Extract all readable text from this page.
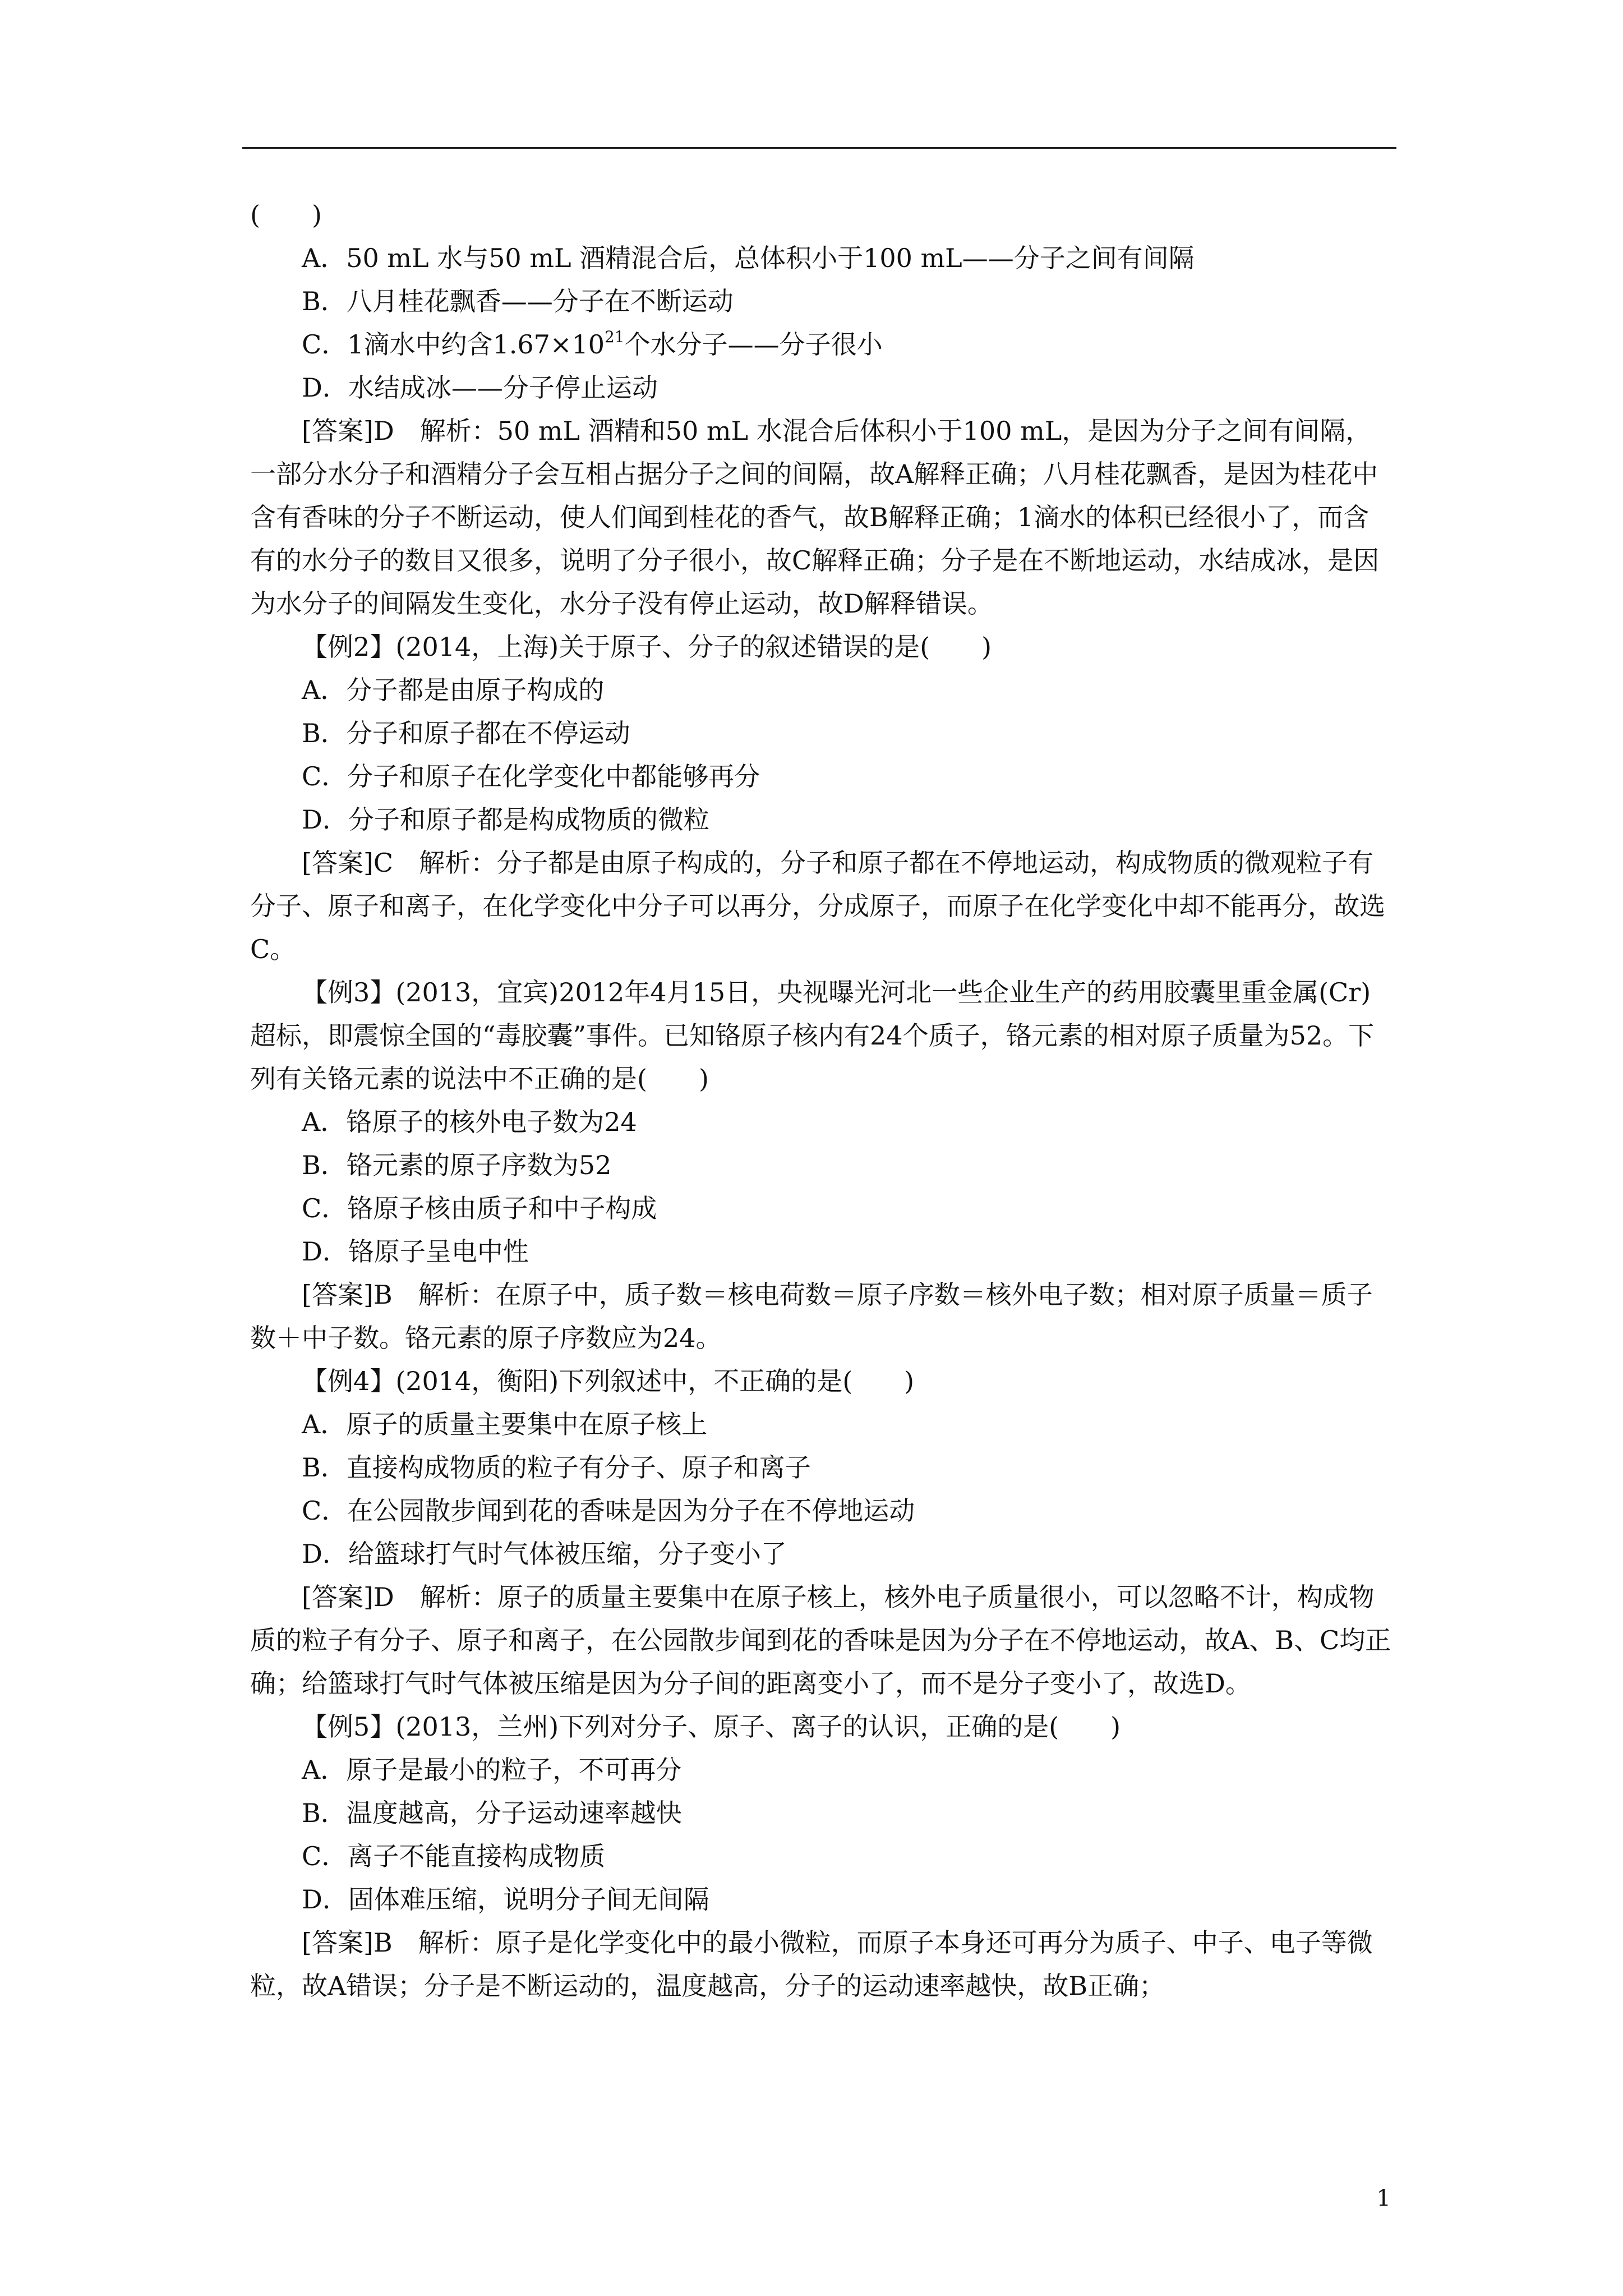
(　　)

A．50 mL 水与50 mL 酒精混合后，总体积小于100 mL——分子之间有间隔

B．八月桂花飘香——分子在不断运动

C．1滴水中约含$1.67\times 10^{21}$个水分子——分子很小

D．水结成冰——分子停止运动

[答案]D　解析：50 mL 酒精和50 mL 水混合后体积小于100 mL，是因为分子之间有间隔，一部分水分子和酒精分子会互相占据分子之间的间隔，故A解释正确；八月桂花飘香，是因为桂花中含有香味的分子不断运动，使人们闻到桂花的香气，故B解释正确；1滴水的体积已经很小了，而含有的水分子的数目又很多，说明了分子很小，故C解释正确；分子是在不断地运动，水结成冰，是因为水分子的间隔发生变化，水分子没有停止运动，故D解释错误。

【例2】(2014，上海)关于原子、分子的叙述错误的是(　　)

A．分子都是由原子构成的

B．分子和原子都在不停运动

C．分子和原子在化学变化中都能够再分

D．分子和原子都是构成物质的微粒

[答案]C　解析：分子都是由原子构成的，分子和原子都在不停地运动，构成物质的微观粒子有分子、原子和离子，在化学变化中分子可以再分，分成原子，而原子在化学变化中却不能再分，故选C。

【例3】(2013，宜宾)2012年4月15日，央视曝光河北一些企业生产的药用胶囊里重金属(Cr)超标，即震惊全国的“毒胶囊”事件。已知铬原子核内有24个质子，铬元素的相对原子质量为52。下列有关铬元素的说法中不正确的是(　　)

A．铬原子的核外电子数为24

B．铬元素的原子序数为52

C．铬原子核由质子和中子构成

D．铬原子呈电中性

[答案]B　解析：在原子中，质子数＝核电荷数＝原子序数＝核外电子数；相对原子质量＝质子数＋中子数。铬元素的原子序数应为24。

【例4】(2014，衡阳)下列叙述中，不正确的是(　　)

A．原子的质量主要集中在原子核上

B．直接构成物质的粒子有分子、原子和离子

C．在公园散步闻到花的香味是因为分子在不停地运动

D．给篮球打气时气体被压缩，分子变小了

[答案]D　解析：原子的质量主要集中在原子核上，核外电子质量很小，可以忽略不计，构成物质的粒子有分子、原子和离子，在公园散步闻到花的香味是因为分子在不停地运动，故A、B、C均正确；给篮球打气时气体被压缩是因为分子间的距离变小了，而不是分子变小了，故选D。

【例5】(2013，兰州)下列对分子、原子、离子的认识，正确的是(　　)

A．原子是最小的粒子，不可再分

B．温度越高，分子运动速率越快

C．离子不能直接构成物质

D．固体难压缩，说明分子间无间隔

[答案]B　解析：原子是化学变化中的最小微粒，而原子本身还可再分为质子、中子、电子等微粒，故A错误；分子是不断运动的，温度越高，分子的运动速率越快，故B正确；

1
